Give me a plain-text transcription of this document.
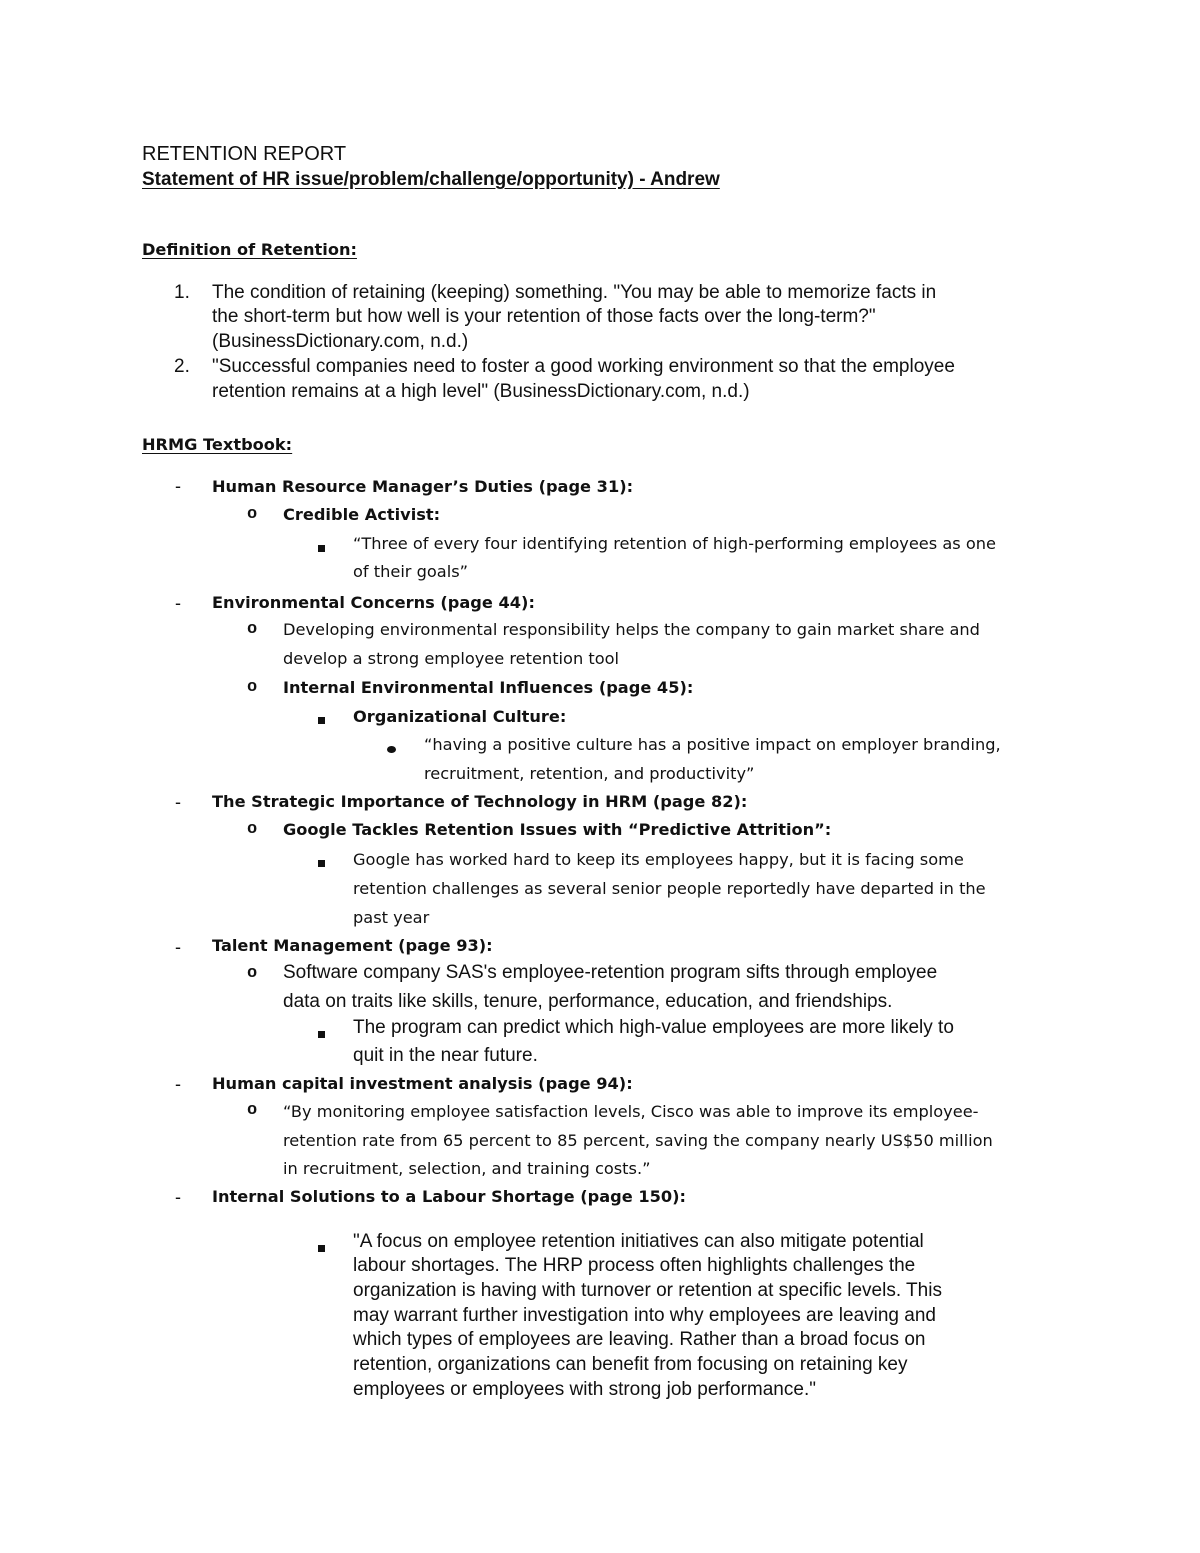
RETENTION REPORT
Statement of HR issue/problem/challenge/opportunity) - Andrew
Definition of Retention:
1. The condition of retaining (keeping) something. "You may be able to memorize facts in
the short-term but how well is your retention of those facts over the long-term?"
(BusinessDictionary.com, n.d.)
2. "Successful companies need to foster a good working environment so that the employee
retention remains at a high level" (BusinessDictionary.com, n.d.)
HRMG Textbook:
- Human Resource Manager’s Duties (page 31):
o Credible Activist:
“Three of every four identifying retention of high-performing employees as one
of their goals”
- Environmental Concerns (page 44):
o Developing environmental responsibility helps the company to gain market share and
develop a strong employee retention tool
o Internal Environmental Influences (page 45):
Organizational Culture:
“having a positive culture has a positive impact on employer branding,
recruitment, retention, and productivity”
- The Strategic Importance of Technology in HRM (page 82):
o Google Tackles Retention Issues with “Predictive Attrition”:
Google has worked hard to keep its employees happy, but it is facing some
retention challenges as several senior people reportedly have departed in the
past year
- Talent Management (page 93):
o Software company SAS's employee-retention program sifts through employee
data on traits like skills, tenure, performance, education, and friendships.
The program can predict which high-value employees are more likely to
quit in the near future.
- Human capital investment analysis (page 94):
o “By monitoring employee satisfaction levels, Cisco was able to improve its employee-
retention rate from 65 percent to 85 percent, saving the company nearly US$50 million
in recruitment, selection, and training costs.”
- Internal Solutions to a Labour Shortage (page 150):
"A focus on employee retention initiatives can also mitigate potential
labour shortages. The HRP process often highlights challenges the
organization is having with turnover or retention at specific levels. This
may warrant further investigation into why employees are leaving and
which types of employees are leaving. Rather than a broad focus on
retention, organizations can benefit from focusing on retaining key
employees or employees with strong job performance."
